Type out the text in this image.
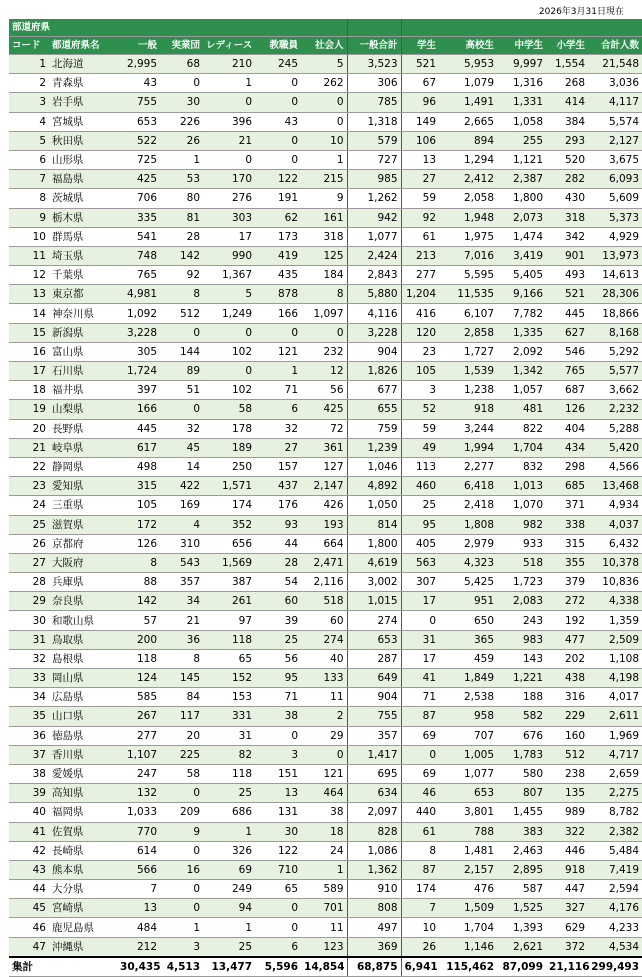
2026年3月31日現在
部道府県												
コード	都道府県名	一般	実業団	レディース	教職員	社会人	一般合計	学生	高校生	中学生	小学生	合計人数
1	北海道	2,995	68	210	245	5	3,523	521	5,953	9,997	1,554	21,548
2	青森県	43	0	1	0	262	306	67	1,079	1,316	268	3,036
3	岩手県	755	30	0	0	0	785	96	1,491	1,331	414	4,117
4	宮城県	653	226	396	43	0	1,318	149	2,665	1,058	384	5,574
5	秋田県	522	26	21	0	10	579	106	894	255	293	2,127
6	山形県	725	1	0	0	1	727	13	1,294	1,121	520	3,675
7	福島県	425	53	170	122	215	985	27	2,412	2,387	282	6,093
8	茨城県	706	80	276	191	9	1,262	59	2,058	1,800	430	5,609
9	栃木県	335	81	303	62	161	942	92	1,948	2,073	318	5,373
10	群馬県	541	28	17	173	318	1,077	61	1,975	1,474	342	4,929
11	埼玉県	748	142	990	419	125	2,424	213	7,016	3,419	901	13,973
12	千葉県	765	92	1,367	435	184	2,843	277	5,595	5,405	493	14,613
13	東京都	4,981	8	5	878	8	5,880	1,204	11,535	9,166	521	28,306
14	神奈川県	1,092	512	1,249	166	1,097	4,116	416	6,107	7,782	445	18,866
15	新潟県	3,228	0	0	0	0	3,228	120	2,858	1,335	627	8,168
16	富山県	305	144	102	121	232	904	23	1,727	2,092	546	5,292
17	石川県	1,724	89	0	1	12	1,826	105	1,539	1,342	765	5,577
18	福井県	397	51	102	71	56	677	3	1,238	1,057	687	3,662
19	山梨県	166	0	58	6	425	655	52	918	481	126	2,232
20	長野県	445	32	178	32	72	759	59	3,244	822	404	5,288
21	岐阜県	617	45	189	27	361	1,239	49	1,994	1,704	434	5,420
22	静岡県	498	14	250	157	127	1,046	113	2,277	832	298	4,566
23	愛知県	315	422	1,571	437	2,147	4,892	460	6,418	1,013	685	13,468
24	三重県	105	169	174	176	426	1,050	25	2,418	1,070	371	4,934
25	滋賀県	172	4	352	93	193	814	95	1,808	982	338	4,037
26	京都府	126	310	656	44	664	1,800	405	2,979	933	315	6,432
27	大阪府	8	543	1,569	28	2,471	4,619	563	4,323	518	355	10,378
28	兵庫県	88	357	387	54	2,116	3,002	307	5,425	1,723	379	10,836
29	奈良県	142	34	261	60	518	1,015	17	951	2,083	272	4,338
30	和歌山県	57	21	97	39	60	274	0	650	243	192	1,359
31	鳥取県	200	36	118	25	274	653	31	365	983	477	2,509
32	島根県	118	8	65	56	40	287	17	459	143	202	1,108
33	岡山県	124	145	152	95	133	649	41	1,849	1,221	438	4,198
34	広島県	585	84	153	71	11	904	71	2,538	188	316	4,017
35	山口県	267	117	331	38	2	755	87	958	582	229	2,611
36	徳島県	277	20	31	0	29	357	69	707	676	160	1,969
37	香川県	1,107	225	82	3	0	1,417	0	1,005	1,783	512	4,717
38	愛媛県	247	58	118	151	121	695	69	1,077	580	238	2,659
39	高知県	132	0	25	13	464	634	46	653	807	135	2,275
40	福岡県	1,033	209	686	131	38	2,097	440	3,801	1,455	989	8,782
41	佐賀県	770	9	1	30	18	828	61	788	383	322	2,382
42	長崎県	614	0	326	122	24	1,086	8	1,481	2,463	446	5,484
43	熊本県	566	16	69	710	1	1,362	87	2,157	2,895	918	7,419
44	大分県	7	0	249	65	589	910	174	476	587	447	2,594
45	宮崎県	13	0	94	0	701	808	7	1,509	1,525	327	4,176
46	鹿児島県	484	1	1	0	11	497	10	1,704	1,393	629	4,233
47	沖縄県	212	3	25	6	123	369	26	1,146	2,621	372	4,534
集計		30,435	4,513	13,477	5,596	14,854	68,875	6,941	115,462	87,099	21,116	299,493
